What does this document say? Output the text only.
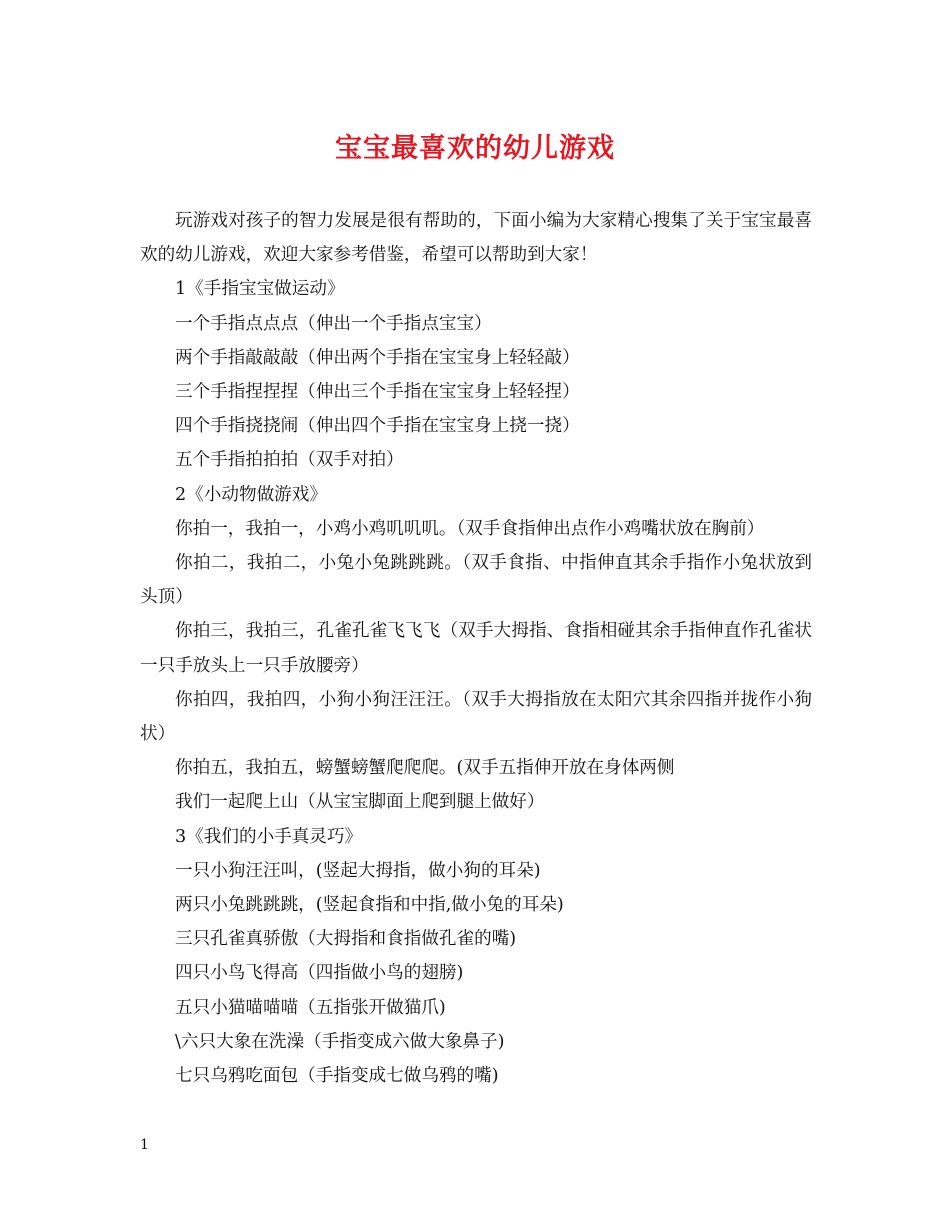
宝宝最喜欢的幼儿游戏

玩游戏对孩子的智力发展是很有帮助的，下面小编为大家精心搜集了关于宝宝最喜欢的幼儿游戏，欢迎大家参考借鉴，希望可以帮助到大家！

1《手指宝宝做运动》

一个手指点点点（伸出一个手指点宝宝）

两个手指敲敲敲（伸出两个手指在宝宝身上轻轻敲）

三个手指捏捏捏（伸出三个手指在宝宝身上轻轻捏）

四个手指挠挠闹（伸出四个手指在宝宝身上挠一挠）

五个手指拍拍拍（双手对拍）

2《小动物做游戏》

你拍一，我拍一，小鸡小鸡叽叽叽。（双手食指伸出点作小鸡嘴状放在胸前）

你拍二，我拍二，小兔小兔跳跳跳。（双手食指、中指伸直其余手指作小兔状放到头顶）

你拍三，我拍三，孔雀孔雀飞飞飞（双手大拇指、食指相碰其余手指伸直作孔雀状一只手放头上一只手放腰旁）

你拍四，我拍四，小狗小狗汪汪汪。（双手大拇指放在太阳穴其余四指并拢作小狗状）

你拍五，我拍五，螃蟹螃蟹爬爬爬。(双手五指伸开放在身体两侧

我们一起爬上山（从宝宝脚面上爬到腿上做好）

3《我们的小手真灵巧》

一只小狗汪汪叫，(竖起大拇指，做小狗的耳朵)

两只小兔跳跳跳，(竖起食指和中指,做小兔的耳朵)

三只孔雀真骄傲（大拇指和食指做孔雀的嘴)

四只小鸟飞得高（四指做小鸟的翅膀)

五只小猫喵喵喵（五指张开做猫爪)

\六只大象在洗澡（手指变成六做大象鼻子)

七只乌鸦吃面包（手指变成七做乌鸦的嘴)

1
